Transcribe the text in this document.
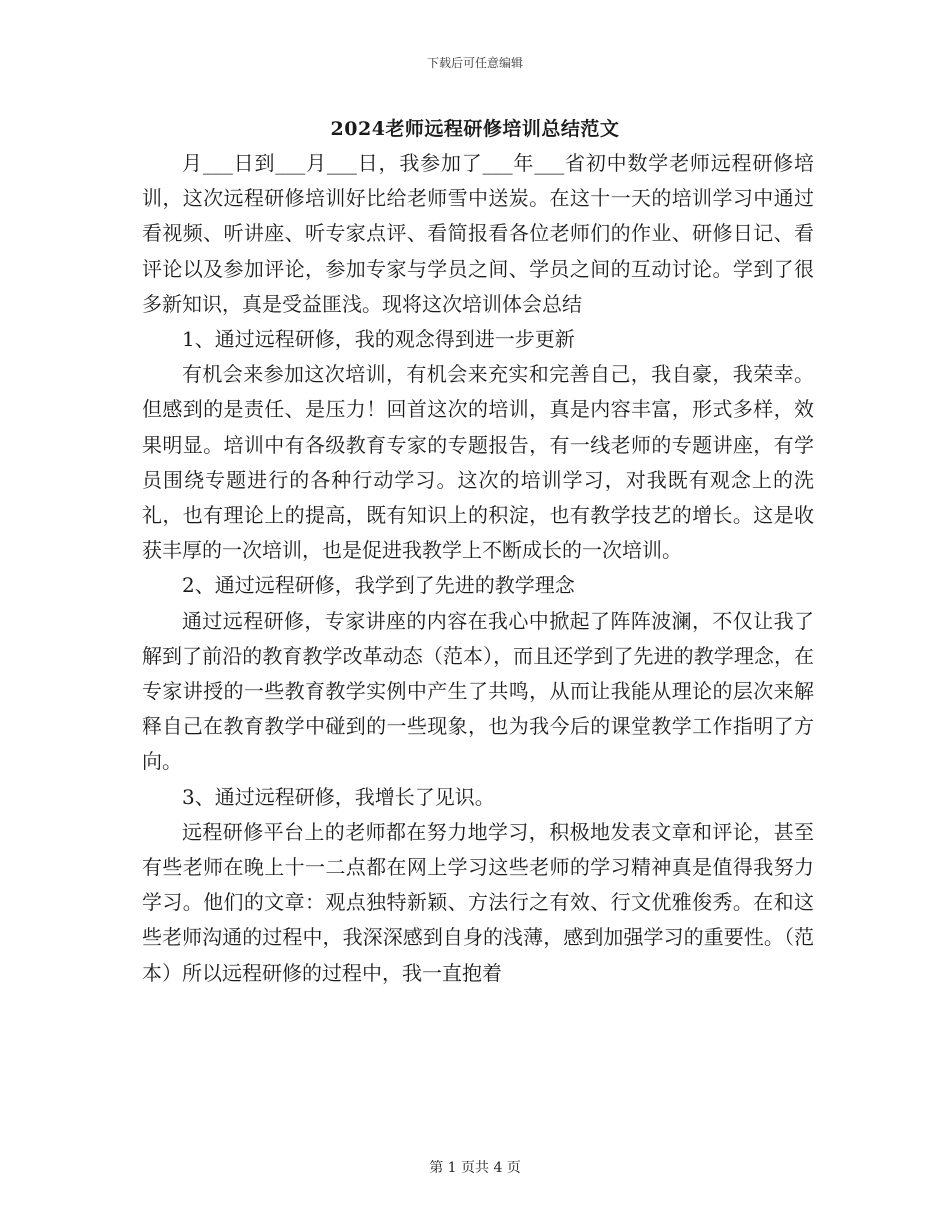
下载后可任意编辑
2024老师远程研修培训总结范文

月___日到___月___日，我参加了___年___省初中数学老师远程研修培训，这次远程研修培训好比给老师雪中送炭。在这十一天的培训学习中通过看视频、听讲座、听专家点评、看简报看各位老师们的作业、研修日记、看评论以及参加评论，参加专家与学员之间、学员之间的互动讨论。学到了很多新知识，真是受益匪浅。现将这次培训体会总结

1、通过远程研修，我的观念得到进一步更新

有机会来参加这次培训，有机会来充实和完善自己，我自豪，我荣幸。但感到的是责任、是压力！回首这次的培训，真是内容丰富，形式多样，效果明显。培训中有各级教育专家的专题报告，有一线老师的专题讲座，有学员围绕专题进行的各种行动学习。这次的培训学习，对我既有观念上的洗礼，也有理论上的提高，既有知识上的积淀，也有教学技艺的增长。这是收获丰厚的一次培训，也是促进我教学上不断成长的一次培训。

2、通过远程研修，我学到了先进的教学理念

通过远程研修，专家讲座的内容在我心中掀起了阵阵波澜，不仅让我了解到了前沿的教育教学改革动态（范本），而且还学到了先进的教学理念，在专家讲授的一些教育教学实例中产生了共鸣，从而让我能从理论的层次来解释自己在教育教学中碰到的一些现象，也为我今后的课堂教学工作指明了方向。

3、通过远程研修，我增长了见识。

远程研修平台上的老师都在努力地学习，积极地发表文章和评论，甚至有些老师在晚上十一二点都在网上学习这些老师的学习精神真是值得我努力学习。他们的文章：观点独特新颖、方法行之有效、行文优雅俊秀。在和这些老师沟通的过程中，我深深感到自身的浅薄，感到加强学习的重要性。（范本）所以远程研修的过程中，我一直抱着

第 1 页共 4 页
